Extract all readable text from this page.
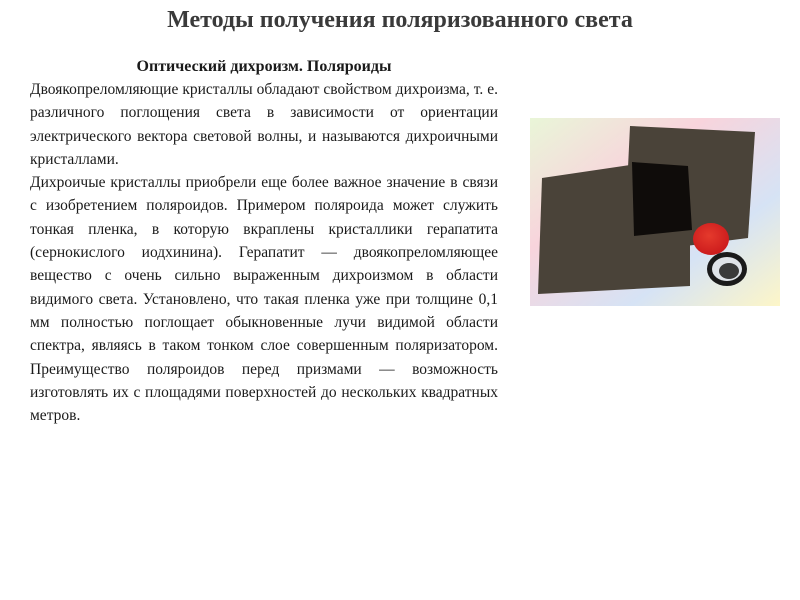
Методы получения поляризованного света
Оптический дихроизм. Поляроиды

Двоякопреломляющие кристаллы обладают свойством дихроизма, т. е. различного поглощения света в зависимости от ориентации электрического вектора световой волны, и называются дихроичными кристаллами.

Дихроичые кристаллы приобрели еще более важное значение в связи с изобретением поляроидов. Примером поляроида может служить тонкая пленка, в которую вкраплены кристаллики герапатита (сернокислого иодхинина). Герапатит — двоякопреломляющее вещество с очень сильно выраженным дихроизмом в области видимого света. Установлено, что такая пленка уже при толщине 0,1 мм полностью поглощает обыкновенные лучи видимой области спектра, являясь в таком тонком слое совершенным поляризатором. Преимущество поляроидов перед призмами — возможность изготовлять их с площадями поверхностей до нескольких квадратных метров.
